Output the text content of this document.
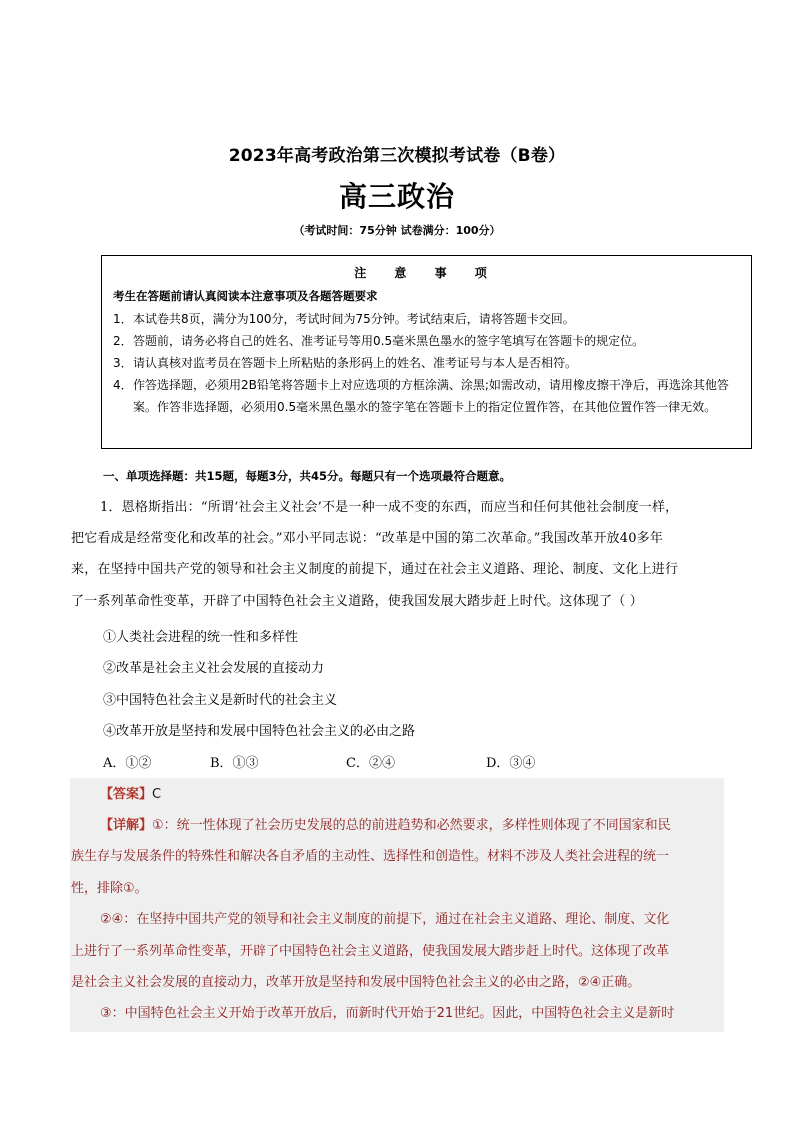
2023年高考政治第三次模拟考试卷（B卷）
高三政治
（考试时间：75分钟 试卷满分：100分）
注 意 事 项
考生在答题前请认真阅读本注意事项及各题答题要求
1． 本试卷共8页，满分为100分，考试时间为75分钟。考试结束后，请将答题卡交回。
2． 答题前，请务必将自己的姓名、准考证号等用0.5毫米黑色墨水的签字笔填写在答题卡的规定位。
3． 请认真核对监考员在答题卡上所粘贴的条形码上的姓名、准考证号与本人是否相符。
4． 作答选择题，必须用2B铅笔将答题卡上对应选项的方框涂满、涂黑;如需改动，请用橡皮擦干净后，再选涂其他答案。作答非选择题，必须用0.5毫米黑色墨水的签字笔在答题卡上的指定位置作答，在其他位置作答一律无效。
一、单项选择题：共15题，每题3分，共45分。每题只有一个选项最符合题意。
1．恩格斯指出：“所谓‘社会主义社会’不是一种一成不变的东西，而应当和任何其他社会制度一样，
把它看成是经常变化和改革的社会。”邓小平同志说：“改革是中国的第二次革命。”我国改革开放40多年
来，在坚持中国共产党的领导和社会主义制度的前提下，通过在社会主义道路、理论、制度、文化上进行
了一系列革命性变革，开辟了中国特色社会主义道路，使我国发展大踏步赶上时代。这体现了（ ）
①人类社会进程的统一性和多样性
②改革是社会主义社会发展的直接动力
③中国特色社会主义是新时代的社会主义
④改革开放是坚持和发展中国特色社会主义的必由之路
A．①②	B．①③	C．②④	D．③④
【答案】C
【详解】①：统一性体现了社会历史发展的总的前进趋势和必然要求，多样性则体现了不同国家和民
族生存与发展条件的特殊性和解决各自矛盾的主动性、选择性和创造性。材料不涉及人类社会进程的统一
性，排除①。
②④：在坚持中国共产党的领导和社会主义制度的前提下，通过在社会主义道路、理论、制度、文化
上进行了一系列革命性变革，开辟了中国特色社会主义道路，使我国发展大踏步赶上时代。这体现了改革
是社会主义社会发展的直接动力，改革开放是坚持和发展中国特色社会主义的必由之路，②④正确。
③：中国特色社会主义开始于改革开放后，而新时代开始于21世纪。因此，中国特色社会主义是新时
